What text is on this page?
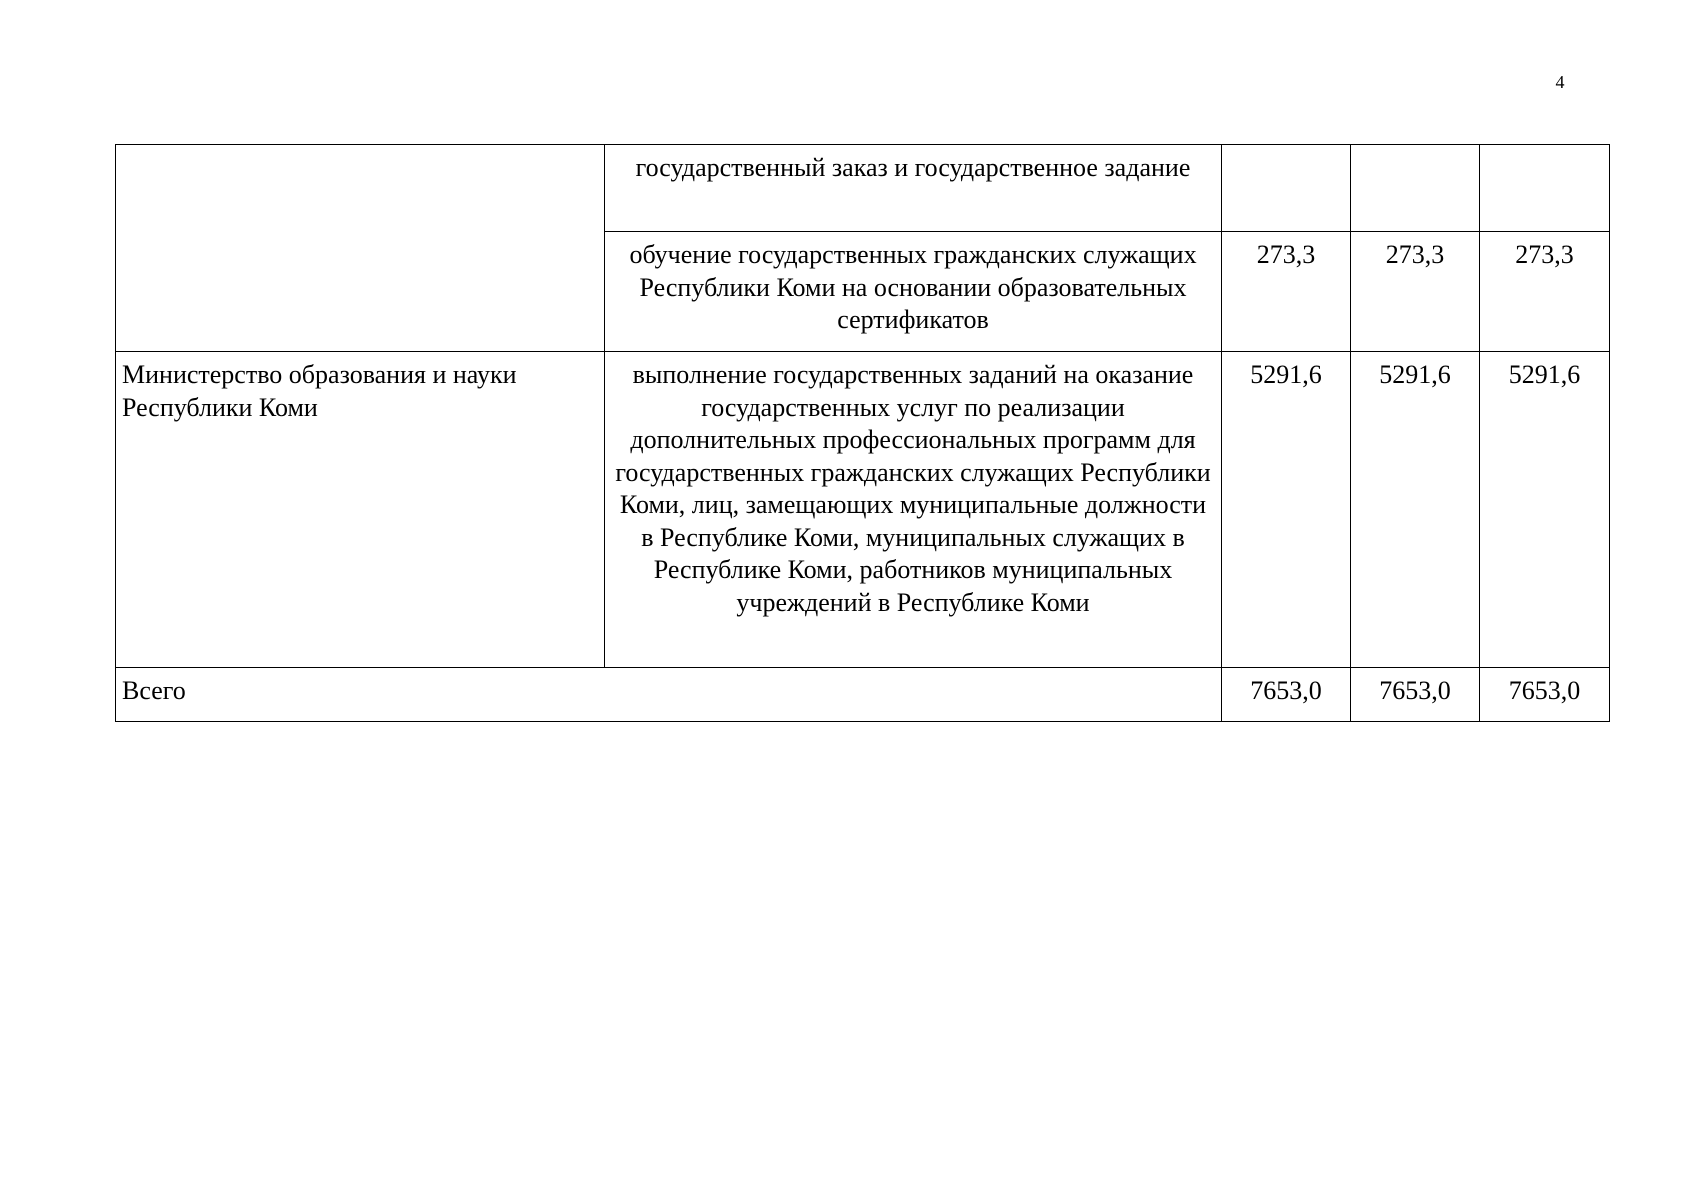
4
	государственный заказ и государственное задание			
	обучение государственных гражданских служащих Республики Коми на основании образовательных сертификатов	273,3	273,3	273,3
Министерство образования и науки Республики Коми	выполнение государственных заданий на оказание государственных услуг по реализации дополнительных профессиональных программ для государственных гражданских служащих Республики Коми, лиц, замещающих муниципальные должности в Республике Коми, муниципальных служащих в Республике Коми, работников муниципальных учреждений в Республике Коми	5291,6	5291,6	5291,6
Всего		7653,0	7653,0	7653,0
